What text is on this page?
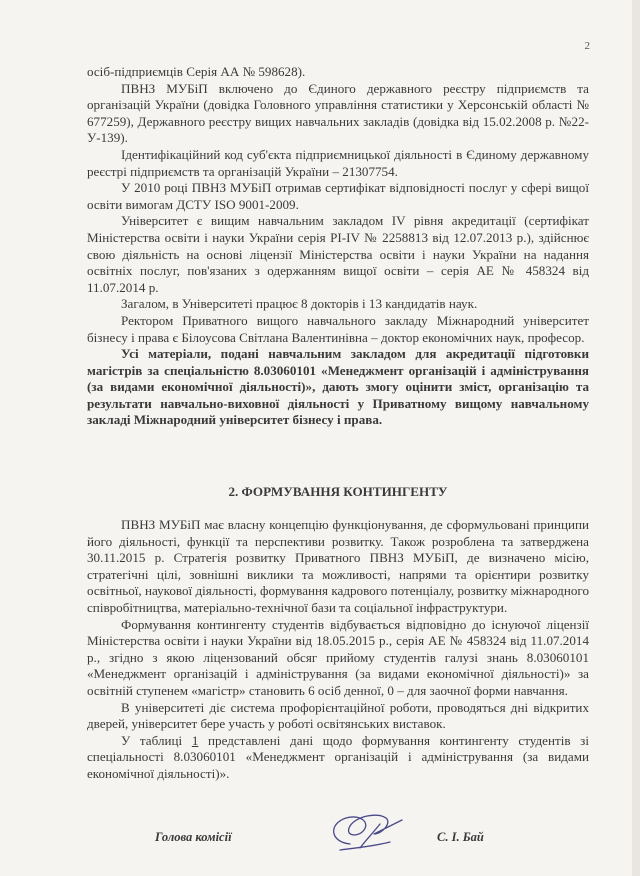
2

осіб-підприємців Серія АА № 598628).

ПВНЗ МУБіП включено до Єдиного державного реєстру підприємств та організацій України (довідка Головного управління статистики у Херсонській області № 677259), Державного реєстру вищих навчальних закладів (довідка від 15.02.2008 р. №22-У-139).

Ідентифікаційний код суб'єкта підприємницької діяльності в Єдиному державному реєстрі підприємств та організацій України – 21307754.

У 2010 році ПВНЗ МУБіП отримав сертифікат відповідності послуг у сфері вищої освіти вимогам ДСТУ ISO 9001-2009.

Університет є вищим навчальним закладом IV рівня акредитації (сертифікат Міністерства освіти і науки України серія РІ-IV № 2258813 від 12.07.2013 р.), здійснює свою діяльність на основі ліцензії Міністерства освіти і науки України на надання освітніх послуг, пов'язаних з одержанням вищої освіти – серія АЕ № 458324 від 11.07.2014 р.

Загалом, в Університеті працює 8 докторів і 13 кандидатів наук.

Ректором Приватного вищого навчального закладу Міжнародний університет бізнесу і права є Білоусова Світлана Валентинівна – доктор економічних наук, професор.

Усі матеріали, подані навчальним закладом для акредитації підготовки магістрів за спеціальністю 8.03060101 «Менеджмент організацій і адміністрування (за видами економічної діяльності)», дають змогу оцінити зміст, організацію та результати навчально-виховної діяльності у Приватному вищому навчальному закладі Міжнародний університет бізнесу і права.

2. ФОРМУВАННЯ КОНТИНГЕНТУ

ПВНЗ МУБіП має власну концепцію функціонування, де сформульовані принципи його діяльності, функції та перспективи розвитку. Також розроблена та затверджена 30.11.2015 р. Стратегія розвитку Приватного ПВНЗ МУБіП, де визначено місію, стратегічні цілі, зовнішні виклики та можливості, напрями та орієнтири розвитку освітньої, наукової діяльності, формування кадрового потенціалу, розвитку міжнародного співробітництва, матеріально-технічної бази та соціальної інфраструктури.

Формування контингенту студентів відбувається відповідно до існуючої ліцензії Міністерства освіти і науки України від 18.05.2015 р., серія АЕ № 458324 від 11.07.2014 р., згідно з якою ліцензований обсяг прийому студентів галузі знань 8.03060101 «Менеджмент організацій і адміністрування (за видами економічної діяльності)» за освітній ступенем «магістр» становить 6 осіб денної, 0 – для заочної форми навчання.

В університеті діє система профорієнтаційної роботи, проводяться дні відкритих дверей, університет бере участь у роботі освітянських виставок.

У таблиці 1 представлені дані щодо формування контингенту студентів зі спеціальності 8.03060101 «Менеджмент організацій і адміністрування (за видами економічної діяльності)».

Голова комісії	С. І. Бай
